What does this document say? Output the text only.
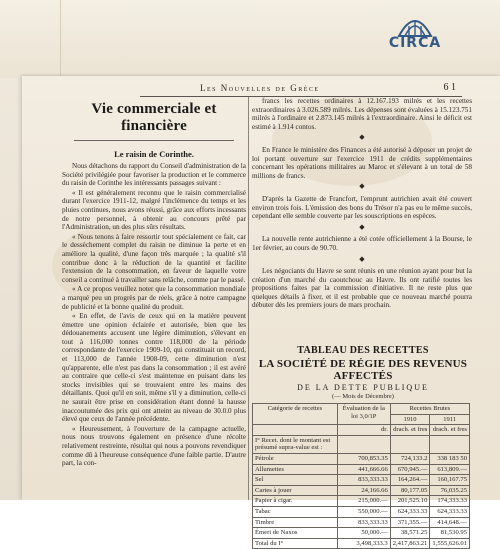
CIRCA
Les Nouvelles de Grèce	6 1
Vie commerciale et financière
Le raisin de Corinthe.

Nous détachons du rapport du Conseil d'administration de la Société privilégiée pour favoriser la production et le commerce du raisin de Corinthe les intéressants passages suivant :

« Il est généralement reconnu que le raisin commercialisé durant l'exercice 1911-12, malgré l'inclémence du temps et les pluies continues, nous avons réussi, grâce aux efforts incessants de notre personnel, à obtenir au concours prêté par l'Administration, un des plus sûrs résultats.

« Nous tenons à faire ressortir tout spécialement ce fait, car le dessèchement complet du raisin ne diminue la perte et en améliore la qualité, d'une façon très marquée ; la qualité s'il contribue donc à la réduction de la quantité et facilite l'extension de la consommation, en faveur de laquelle votre conseil a continué à travailler sans relâche, comme par le passé.

« A ce propos veuillez noter que la consommation mondiale a marqué peu un progrès par de réels, grâce à notre campagne de publicité et la bonne qualité du produit.

« En effet, de l'avis de ceux qui en la matière peuvent émettre une opinion éclairée et autorisée, bien que les dédouanements accusent une légère diminution, s'élevant en tout à 116,000 tonnes contre 118,000 de la période correspondante de l'exercice 1909-10, qui constituait un record, et 113,000 de l'année 1908-09, cette diminution n'est qu'apparente, elle n'est pas dans la consommation ; il est avéré au contraire que celle-ci s'est maintenue en puisant dans les stocks invisibles qui se trouvaient entre les mains des détaillants. Quoi qu'il en soit, même s'il y a diminution, celle-ci ne saurait être prise en considération étant donné la hausse inaccoutumée des prix qui ont atteint au niveau de 30.0.0 plus élevé que ceux de l'année précédente.

« Heureusement, à l'ouverture de la campagne actuelle, nous nous trouvons également en présence d'une récolte relativement restreinte, résultat qui nous a pouvons revendiquer comme dû à l'heureuse conséquence d'une faible partie. D'autre part, la con-

francs les recettes ordinaires à 12.167.193 milrés et les recettes extraordinaires à 3.026.589 milrés. Les dépenses sont évaluées à 15.123.751 milrés à l'ordinaire et 2.873.145 milrés à l'extraordinaire. Ainsi le déficit est estimé à 1.914 contos.

◆

En France le ministère des Finances a été autorisé à déposer un projet de loi portant ouverture sur l'exercice 1911 de crédits supplémentaires concernant les opérations militaires au Maroc et s'élevant à un total de 58 millions de francs.

◆

D'après la Gazette de Francfort, l'emprunt autrichien avait été couvert environ trois fois. L'émission des bons du Trésor n'a pas eu le même succès, cependant elle semble couverte par les souscriptions en espèces.

◆

La nouvelle rente autrichienne a été cotée officiellement à la Bourse, le 1er février, au cours de 90.70.

◆

Les négociants du Havre se sont réunis en une réunion ayant pour but la création d'un marché du caoutchouc au Havre. Ils ont ratifié toutes les propositions faites par la commission d'initiative. Il ne reste plus que quelques détails à fixer, et il est probable que ce nouveau marché pourra débuter dès les premiers jours de mars prochain.

TABLEAU DES RECETTES
LA SOCIÉTÉ DE RÉGIE DES REVENUS AFFECTÉS
DE LA DETTE PUBLIQUE
(— Mois de Décembre)
Catégorie de recettes	Évaluation de la loi 3,0/1P	Recettes Brutes	
		1910	1911
	dr.	drach. et fres	drach. et fres
I° Recet. dont le montant est présumé supra-value est :			
Pétrole	700,853.35	724,133.2	338 183 50
Allumettes	441,666.66	670,945.—	613,809.—
Sel	833,333.33	164,264.—	160,167.75
Cartes à jouer	24,166.66	80,177.05	76,035.25
Papier à cigar.	215,000.—	201,525.10	174,333.33
Tabac	550,000.—	624,333.33	624,333.33
Timbre	833,333.33	371,355.—	414,648.—
Émeri de Naxos	50,000.—	38,571.25	81,530.95
Total du I°	3,498,333.3	2,417,863.21	1,555,626.01
